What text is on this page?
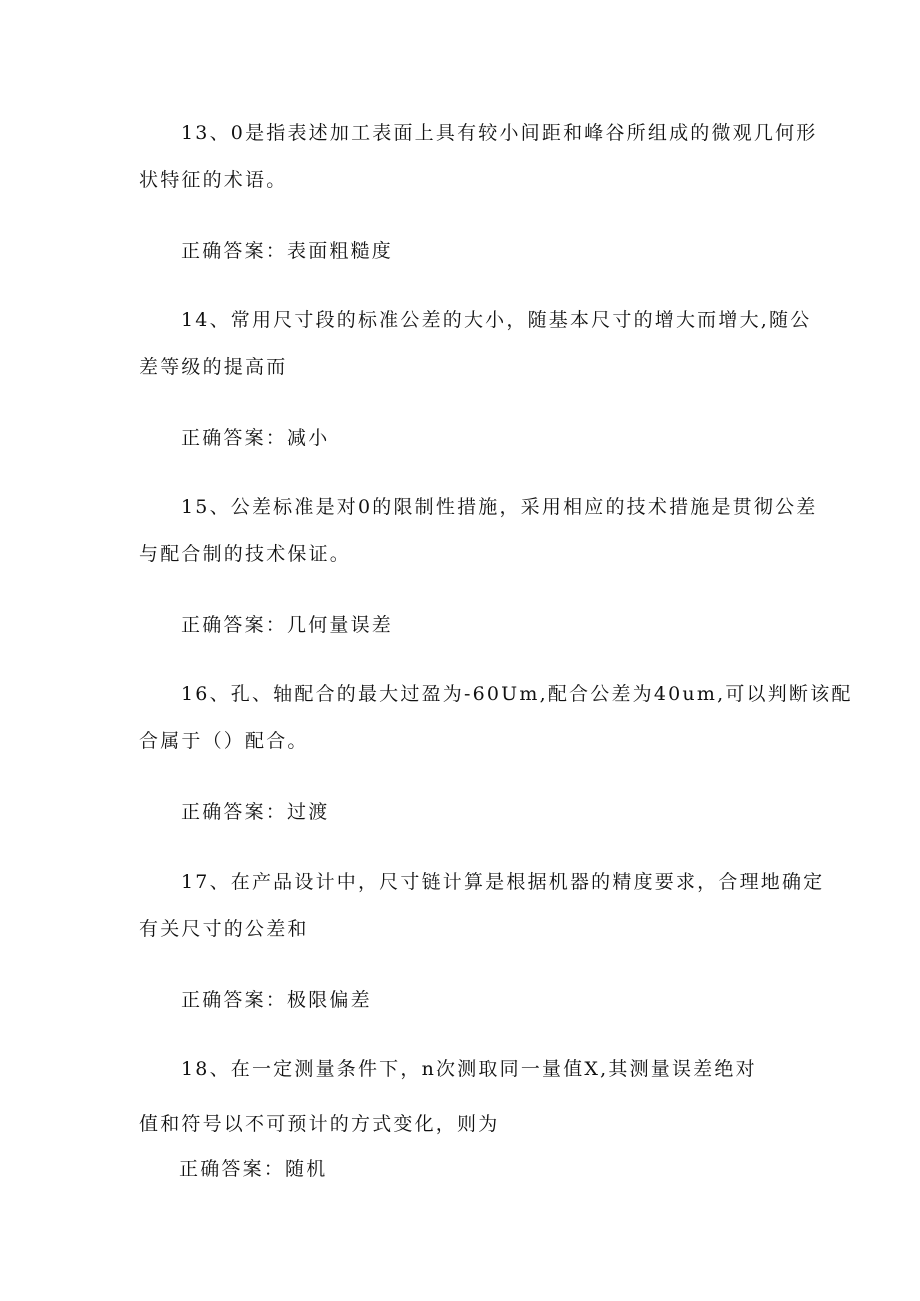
13、0是指表述加工表面上具有较小间距和峰谷所组成的微观几何形
状特征的术语。
正确答案：表面粗糙度
14、常用尺寸段的标准公差的大小，随基本尺寸的增大而增大,随公
差等级的提高而
正确答案：减小
15、公差标准是对0的限制性措施，采用相应的技术措施是贯彻公差
与配合制的技术保证。
正确答案：几何量误差
16、孔、轴配合的最大过盈为-60Um,配合公差为40um,可以判断该配
合属于（）配合。
正确答案：过渡
17、在产品设计中，尺寸链计算是根据机器的精度要求，合理地确定
有关尺寸的公差和
正确答案：极限偏差
18、在一定测量条件下，n次测取同一量值X,其测量误差绝对
值和符号以不可预计的方式变化，则为
正确答案：随机
